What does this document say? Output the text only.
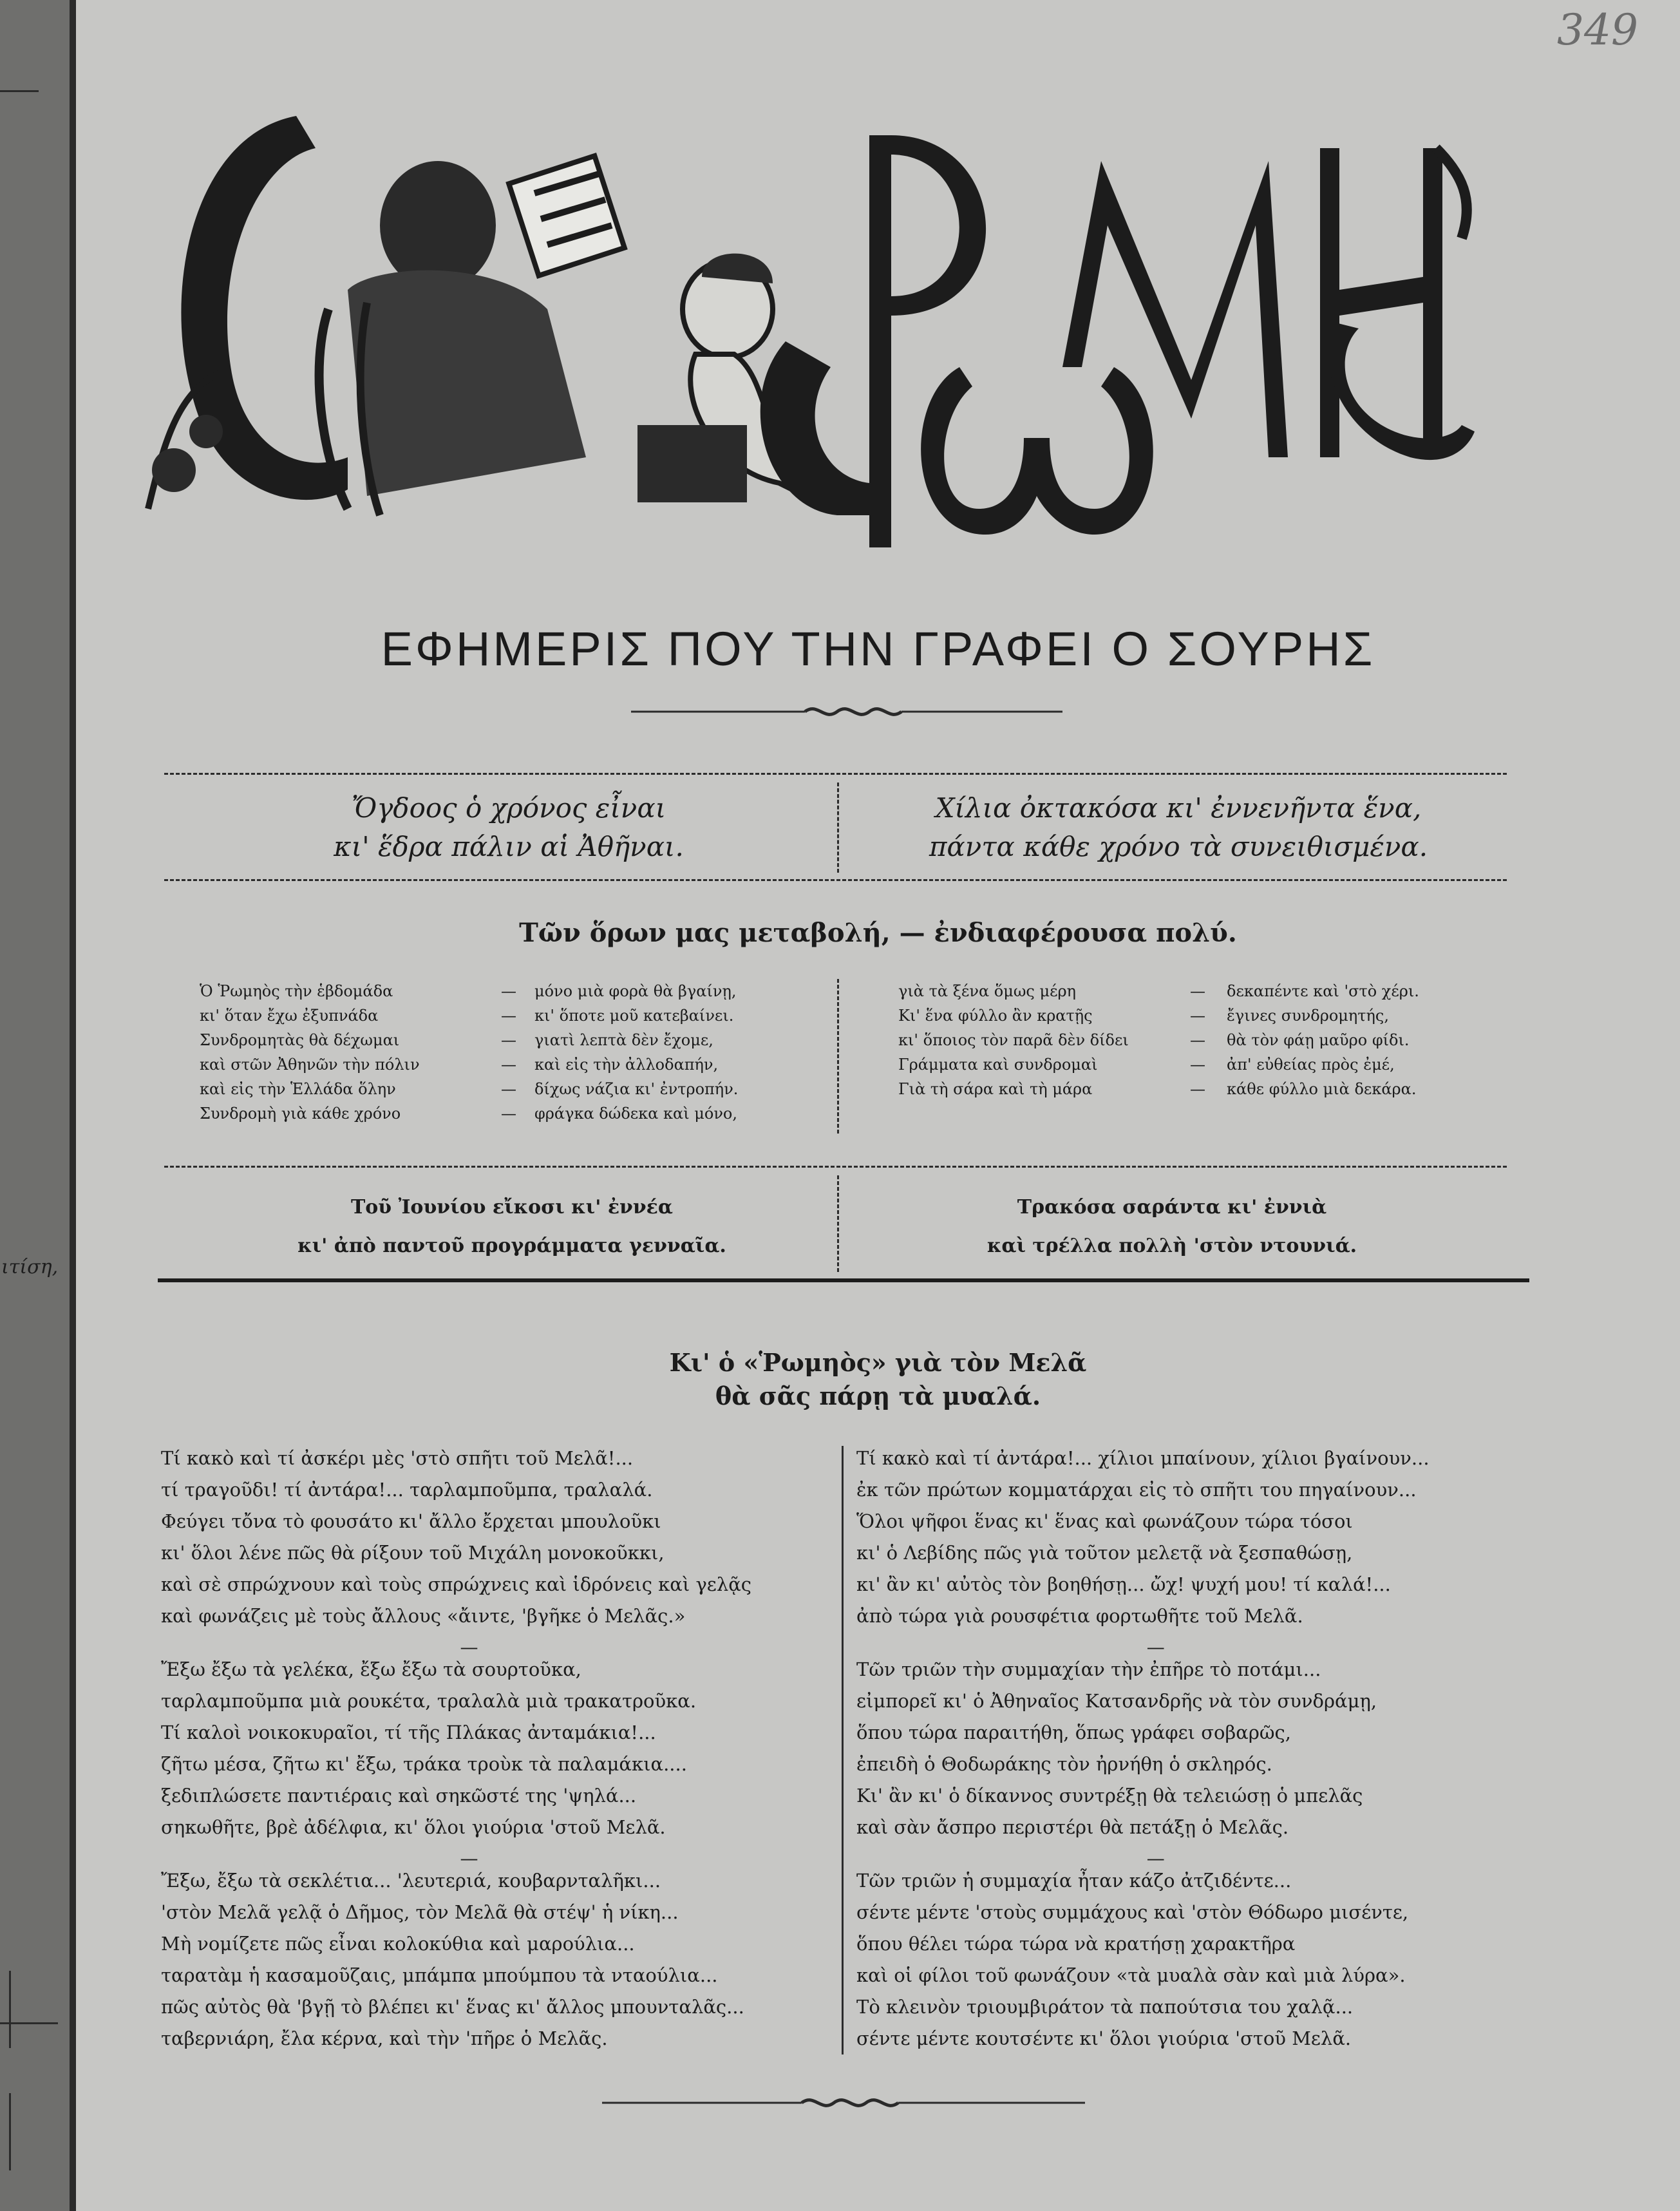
ιτίση,
349
ΕΦΗΜΕΡΙΣ ΠΟΥ ΤΗΝ ΓΡΑΦΕΙ Ο ΣΟΥΡΗΣ
Ὄγδοος ὁ χρόνος εἶναι
κι' ἕδρα πάλιν αἱ Ἀθῆναι.
Χίλια ὀκτακόσα κι' ἐννενῆντα ἕνα,
πάντα κάθε χρόνο τὰ συνειθισμένα.
Τῶν ὅρων μας μεταβολή, — ἐνδιαφέρουσα πολύ.
Ὁ Ῥωμηὸς τὴν ἑβδομάδα	—	μόνο μιὰ φορὰ θὰ βγαίνῃ,
κι' ὅταν ἔχω ἐξυπνάδα	—	κι' ὅποτε μοῦ κατεβαίνει.
Συνδρομητὰς θὰ δέχωμαι	—	γιατὶ λεπτὰ δὲν ἔχομε,
καὶ στῶν Ἀθηνῶν τὴν πόλιν	—	καὶ εἰς τὴν ἀλλοδαπήν,
καὶ εἰς τὴν Ἑλλάδα ὅλην	—	δίχως νάζια κι' ἐντροπήν.
Συνδρομὴ γιὰ κάθε χρόνο	—	φράγκα δώδεκα καὶ μόνο,
γιὰ τὰ ξένα ὅμως μέρη	—	δεκαπέντε καὶ 'στὸ χέρι.
Κι' ἕνα φύλλο ἂν κρατῇς	—	ἔγινες συνδρομητής,
κι' ὅποιος τὸν παρᾶ δὲν δίδει	—	θὰ τὸν φάῃ μαῦρο φίδι.
Γράμματα καὶ συνδρομαὶ	—	ἀπ' εὐθείας πρὸς ἐμέ,
Γιὰ τὴ σάρα καὶ τὴ μάρα	—	κάθε φύλλο μιὰ δεκάρα.
Τοῦ Ἰουνίου εἴκοσι κι' ἐννέα
κι' ἀπὸ παντοῦ προγράμματα γενναῖα.
Τρακόσα σαράντα κι' ἐννιὰ
καὶ τρέλλα πολλὴ 'στὸν ντουνιά.
Κι' ὁ «Ῥωμηὸς» γιὰ τὸν Μελᾶ
θὰ σᾶς πάρῃ τὰ μυαλά.
Τί κακὸ καὶ τί ἀσκέρι μὲς 'στὸ σπῆτι τοῦ Μελᾶ!...
τί τραγοῦδι! τί ἀντάρα!... ταρλαμποῦμπα, τραλαλά.
Φεύγει τὄνα τὸ φουσάτο κι' ἄλλο ἔρχεται μπουλοῦκι
κι' ὅλοι λένε πῶς θὰ ρίξουν τοῦ Μιχάλη μονοκοῦκκι,
καὶ σὲ σπρώχνουν καὶ τοὺς σπρώχνεις καὶ ἱδρόνεις καὶ γελᾷς
καὶ φωνάζεις μὲ τοὺς ἄλλους «ἄιντε, 'βγῆκε ὁ Μελᾶς.»
—
Ἔξω ἔξω τὰ γελέκα, ἔξω ἔξω τὰ σουρτοῦκα,
ταρλαμποῦμπα μιὰ ρουκέτα, τραλαλὰ μιὰ τρακατροῦκα.
Τί καλοὶ νοικοκυραῖοι, τί τῆς Πλάκας ἀνταμάκια!...
ζῆτω μέσα, ζῆτω κι' ἔξω, τράκα τροὺκ τὰ παλαμάκια....
ξεδιπλώσετε παντιέραις καὶ σηκῶστέ της 'ψηλά...
σηκωθῆτε, βρὲ ἀδέλφια, κι' ὅλοι γιούρια 'στοῦ Μελᾶ.
—
Ἔξω, ἔξω τὰ σεκλέτια... 'λευτεριά, κουβαρνταλῆκι...
'στὸν Μελᾶ γελᾷ ὁ Δῆμος, τὸν Μελᾶ θὰ στέψ' ἡ νίκη...
Μὴ νομίζετε πῶς εἶναι κολοκύθια καὶ μαρούλια...
ταρατὰμ ἡ κασαμοῦζαις, μπάμπα μπούμπου τὰ νταούλια...
πῶς αὐτὸς θὰ 'βγῇ τὸ βλέπει κι' ἕνας κι' ἄλλος μπουνταλᾶς...
ταβερνιάρη, ἔλα κέρνα, καὶ τὴν 'πῆρε ὁ Μελᾶς.
Τί κακὸ καὶ τί ἀντάρα!... χίλιοι μπαίνουν, χίλιοι βγαίνουν...
ἐκ τῶν πρώτων κομματάρχαι εἰς τὸ σπῆτι του πηγαίνουν...
Ὅλοι ψῆφοι ἕνας κι' ἕνας καὶ φωνάζουν τώρα τόσοι
κι' ὁ Λεβίδης πῶς γιὰ τοῦτον μελετᾷ νὰ ξεσπαθώσῃ,
κι' ἂν κι' αὐτὸς τὸν βοηθήσῃ... ὤχ! ψυχή μου! τί καλά!...
ἀπὸ τώρα γιὰ ρουσφέτια φορτωθῆτε τοῦ Μελᾶ.
—
Τῶν τριῶν τὴν συμμαχίαν τὴν ἐπῆρε τὸ ποτάμι...
εἰμπορεῖ κι' ὁ Ἀθηναῖος Κατσανδρῆς νὰ τὸν συνδράμῃ,
ὅπου τώρα παραιτήθη, ὅπως γράφει σοβαρῶς,
ἐπειδὴ ὁ Θοδωράκης τὸν ἠρνήθη ὁ σκληρός.
Κι' ἂν κι' ὁ δίκαννος συντρέξῃ θὰ τελειώσῃ ὁ μπελᾶς
καὶ σὰν ἄσπρο περιστέρι θὰ πετάξῃ ὁ Μελᾶς.
—
Τῶν τριῶν ἡ συμμαχία ἦταν κάζο ἀτζιδέντε...
σέντε μέντε 'στοὺς συμμάχους καὶ 'στὸν Θόδωρο μισέντε,
ὅπου θέλει τώρα τώρα νὰ κρατήσῃ χαρακτῆρα
καὶ οἱ φίλοι τοῦ φωνάζουν «τὰ μυαλὰ σὰν καὶ μιὰ λύρα».
Τὸ κλεινὸν τριουμβιράτον τὰ παπούτσια του χαλᾷ...
σέντε μέντε κουτσέντε κι' ὅλοι γιούρια 'στοῦ Μελᾶ.
